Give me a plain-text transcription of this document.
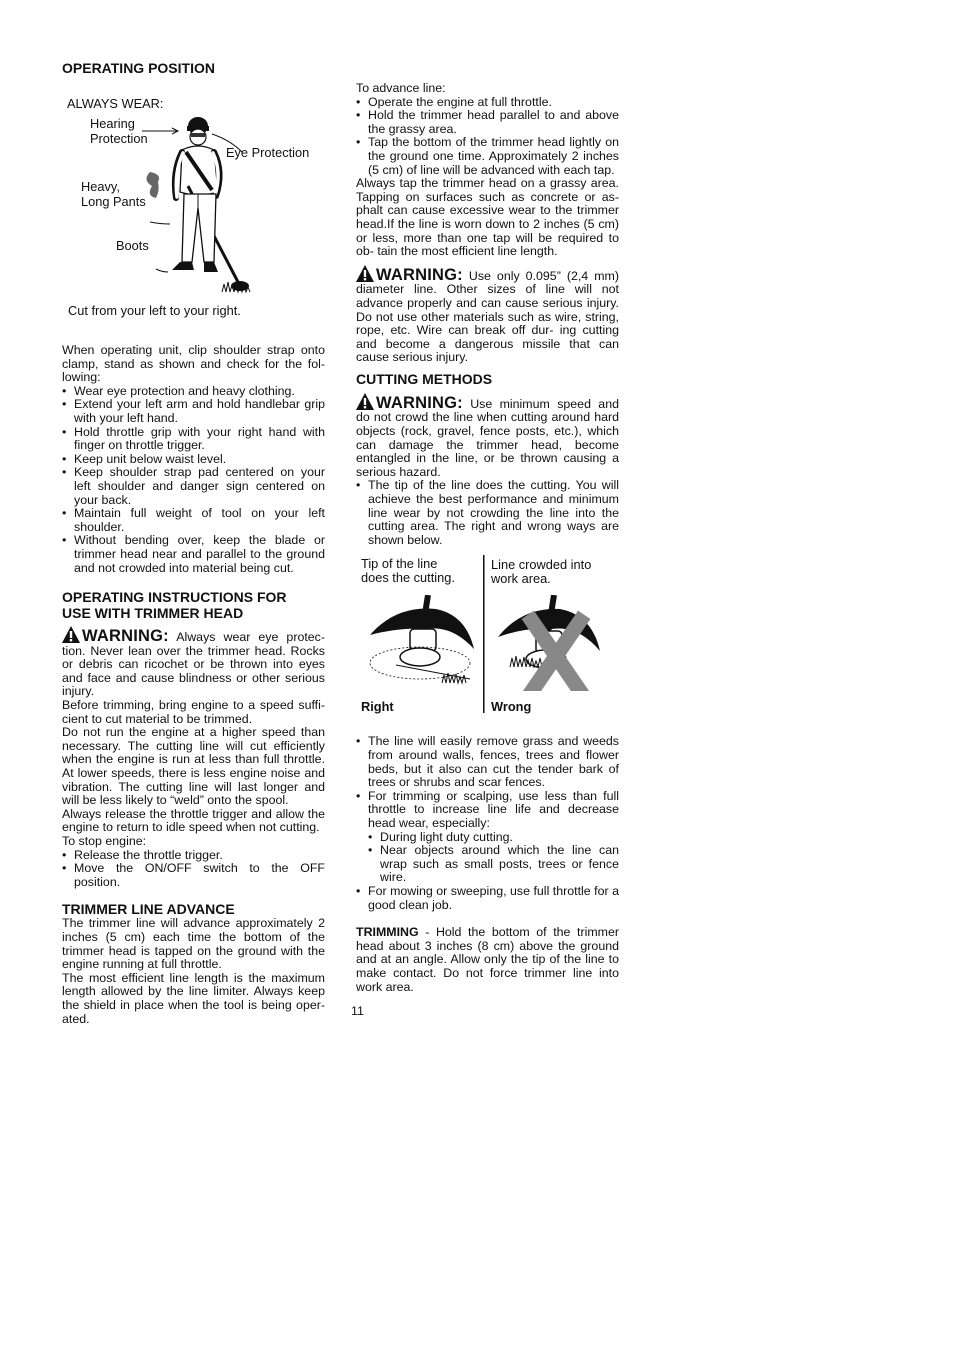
OPERATING POSITION
ALWAYS WEAR:
Hearing
Protection
Eye Protection
Heavy,
Long Pants
Boots
Cut from your left to your right.

When operating unit, clip shoulder strap onto clamp, stand as shown and check for the fol- lowing:

• Wear eye protection and heavy clothing.
• Extend your left arm and hold handlebar grip with your left hand.
• Hold throttle grip with your right hand with finger on throttle trigger.
• Keep unit below waist level.
• Keep shoulder strap pad centered on your left shoulder and danger sign centered on your back.
• Maintain full weight of tool on your left shoulder.
• Without bending over, keep the blade or trimmer head near and parallel to the ground and not crowded into material being cut.
OPERATING INSTRUCTIONS FOR
USE WITH TRIMMER HEAD

WARNING: Always wear eye protec- tion. Never lean over the trimmer head. Rocks or debris can ricochet or be thrown into eyes and face and cause blindness or other serious injury.

Before trimming, bring engine to a speed suffi- cient to cut material to be trimmed.

Do not run the engine at a higher speed than necessary. The cutting line will cut efficiently when the engine is run at less than full throttle. At lower speeds, there is less engine noise and vibration. The cutting line will last longer and will be less likely to “weld” onto the spool.

Always release the throttle trigger and allow the engine to return to idle speed when not cutting.

To stop engine:

• Release the throttle trigger.
• Move the ON/OFF switch to the OFF position.
TRIMMER LINE ADVANCE

The trimmer line will advance approximately 2 inches (5 cm) each time the bottom of the trimmer head is tapped on the ground with the engine running at full throttle.

The most efficient line length is the maximum length allowed by the line limiter. Always keep the shield in place when the tool is being oper- ated.

To advance line:

• Operate the engine at full throttle.
• Hold the trimmer head parallel to and above the grassy area.
• Tap the bottom of the trimmer head lightly on the ground one time. Approximately 2 inches (5 cm) of line will be advanced with each tap.

Always tap the trimmer head on a grassy area. Tapping on surfaces such as concrete or as- phalt can cause excessive wear to the trimmer head.If the line is worn down to 2 inches (5 cm) or less, more than one tap will be required to ob- tain the most efficient line length.

WARNING: Use only 0.095” (2,4 mm) diameter line. Other sizes of line will not advance properly and can cause serious injury. Do not use other materials such as wire, string, rope, etc. Wire can break off dur- ing cutting and become a dangerous missile that can cause serious injury.

CUTTING METHODS

WARNING: Use minimum speed and do not crowd the line when cutting around hard objects (rock, gravel, fence posts, etc.), which can damage the trimmer head, become entangled in the line, or be thrown causing a serious hazard.

• The tip of the line does the cutting. You will achieve the best performance and minimum line wear by not crowding the line into the cutting area. The right and wrong ways are shown below.
Tip of the line
does the cutting.
Line crowded into
work area.
Right	Wrong
• The line will easily remove grass and weeds from around walls, fences, trees and flower beds, but it also can cut the tender bark of trees or shrubs and scar fences.
• For trimming or scalping, use less than full throttle to increase line life and decrease head wear, especially:
• During light duty cutting.
• Near objects around which the line can wrap such as small posts, trees or fence wire.
• For mowing or sweeping, use full throttle for a good clean job.

TRIMMING - Hold the bottom of the trimmer head about 3 inches (8 cm) above the ground and at an angle. Allow only the tip of the line to make contact. Do not force trimmer line into work area.

11
